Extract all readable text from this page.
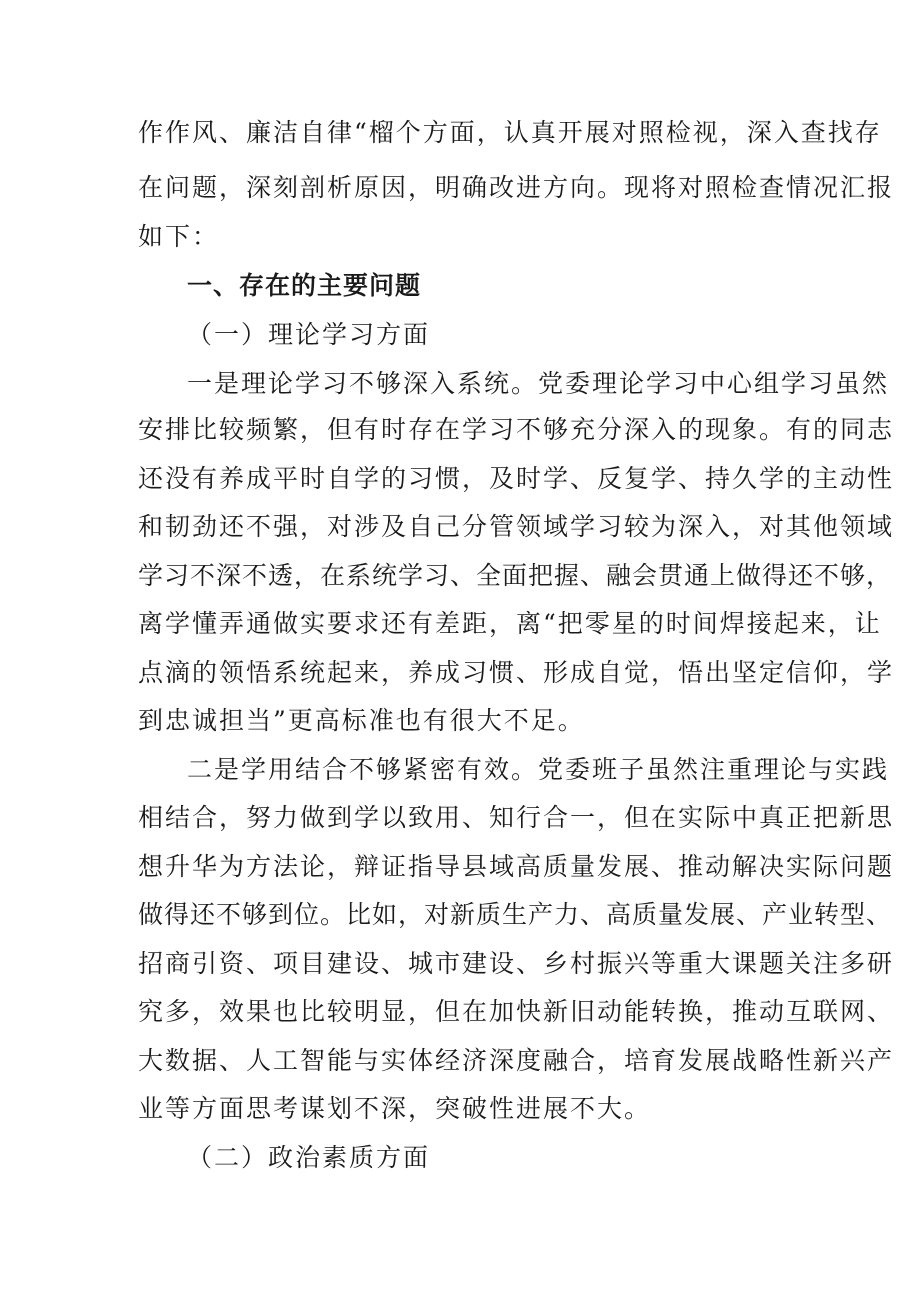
作作风、廉洁自律“榴个方面，认真开展对照检视，深入查找存
在问题，深刻剖析原因，明确改进方向。现将对照检查情况汇报
如下：
一、存在的主要问题
（一）理论学习方面
一是理论学习不够深入系统。党委理论学习中心组学习虽然
安排比较频繁，但有时存在学习不够充分深入的现象。有的同志
还没有养成平时自学的习惯，及时学、反复学、持久学的主动性
和韧劲还不强，对涉及自己分管领域学习较为深入，对其他领域
学习不深不透，在系统学习、全面把握、融会贯通上做得还不够，
离学懂弄通做实要求还有差距，离“把零星的时间焊接起来，让
点滴的领悟系统起来，养成习惯、形成自觉，悟出坚定信仰，学
到忠诚担当”更高标准也有很大不足。
二是学用结合不够紧密有效。党委班子虽然注重理论与实践
相结合，努力做到学以致用、知行合一，但在实际中真正把新思
想升华为方法论，辩证指导县域高质量发展、推动解决实际问题
做得还不够到位。比如，对新质生产力、高质量发展、产业转型、
招商引资、项目建设、城市建设、乡村振兴等重大课题关注多研
究多，效果也比较明显，但在加快新旧动能转换，推动互联网、
大数据、人工智能与实体经济深度融合，培育发展战略性新兴产
业等方面思考谋划不深，突破性进展不大。
（二）政治素质方面
